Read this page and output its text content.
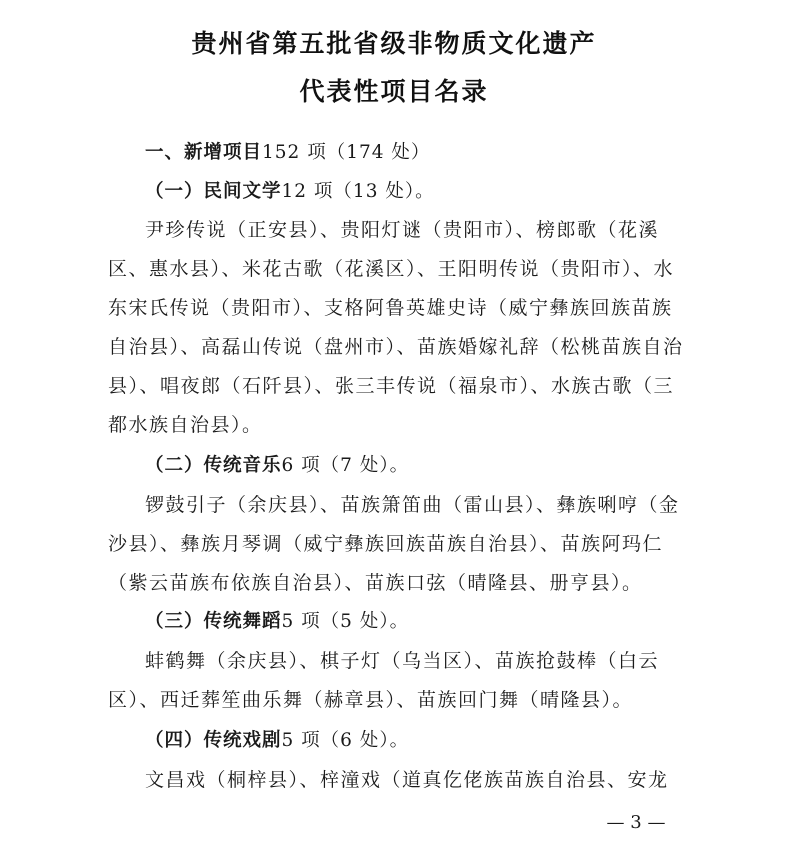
贵州省第五批省级非物质文化遗产
代表性项目名录
一、新增项目152 项（174 处）
（一）民间文学12 项（13 处）。
尹珍传说（正安县）、贵阳灯谜（贵阳市）、榜郎歌（花溪
区、惠水县）、米花古歌（花溪区）、王阳明传说（贵阳市）、水
东宋氏传说（贵阳市）、支格阿鲁英雄史诗（威宁彝族回族苗族
自治县）、高磊山传说（盘州市）、苗族婚嫁礼辞（松桃苗族自治
县）、唱夜郎（石阡县）、张三丰传说（福泉市）、水族古歌（三
都水族自治县）。
（二）传统音乐6 项（7 处）。
锣鼓引子（余庆县）、苗族箫笛曲（雷山县）、彝族唎哼（金
沙县）、彝族月琴调（威宁彝族回族苗族自治县）、苗族阿玛仁
（紫云苗族布依族自治县）、苗族口弦（晴隆县、册亨县）。
（三）传统舞蹈5 项（5 处）。
蚌鹤舞（余庆县）、棋子灯（乌当区）、苗族抢鼓棒（白云
区）、西迁葬笙曲乐舞（赫章县）、苗族回门舞（晴隆县）。
（四）传统戏剧5 项（6 处）。
文昌戏（桐梓县）、梓潼戏（道真仡佬族苗族自治县、安龙
— 3 —
